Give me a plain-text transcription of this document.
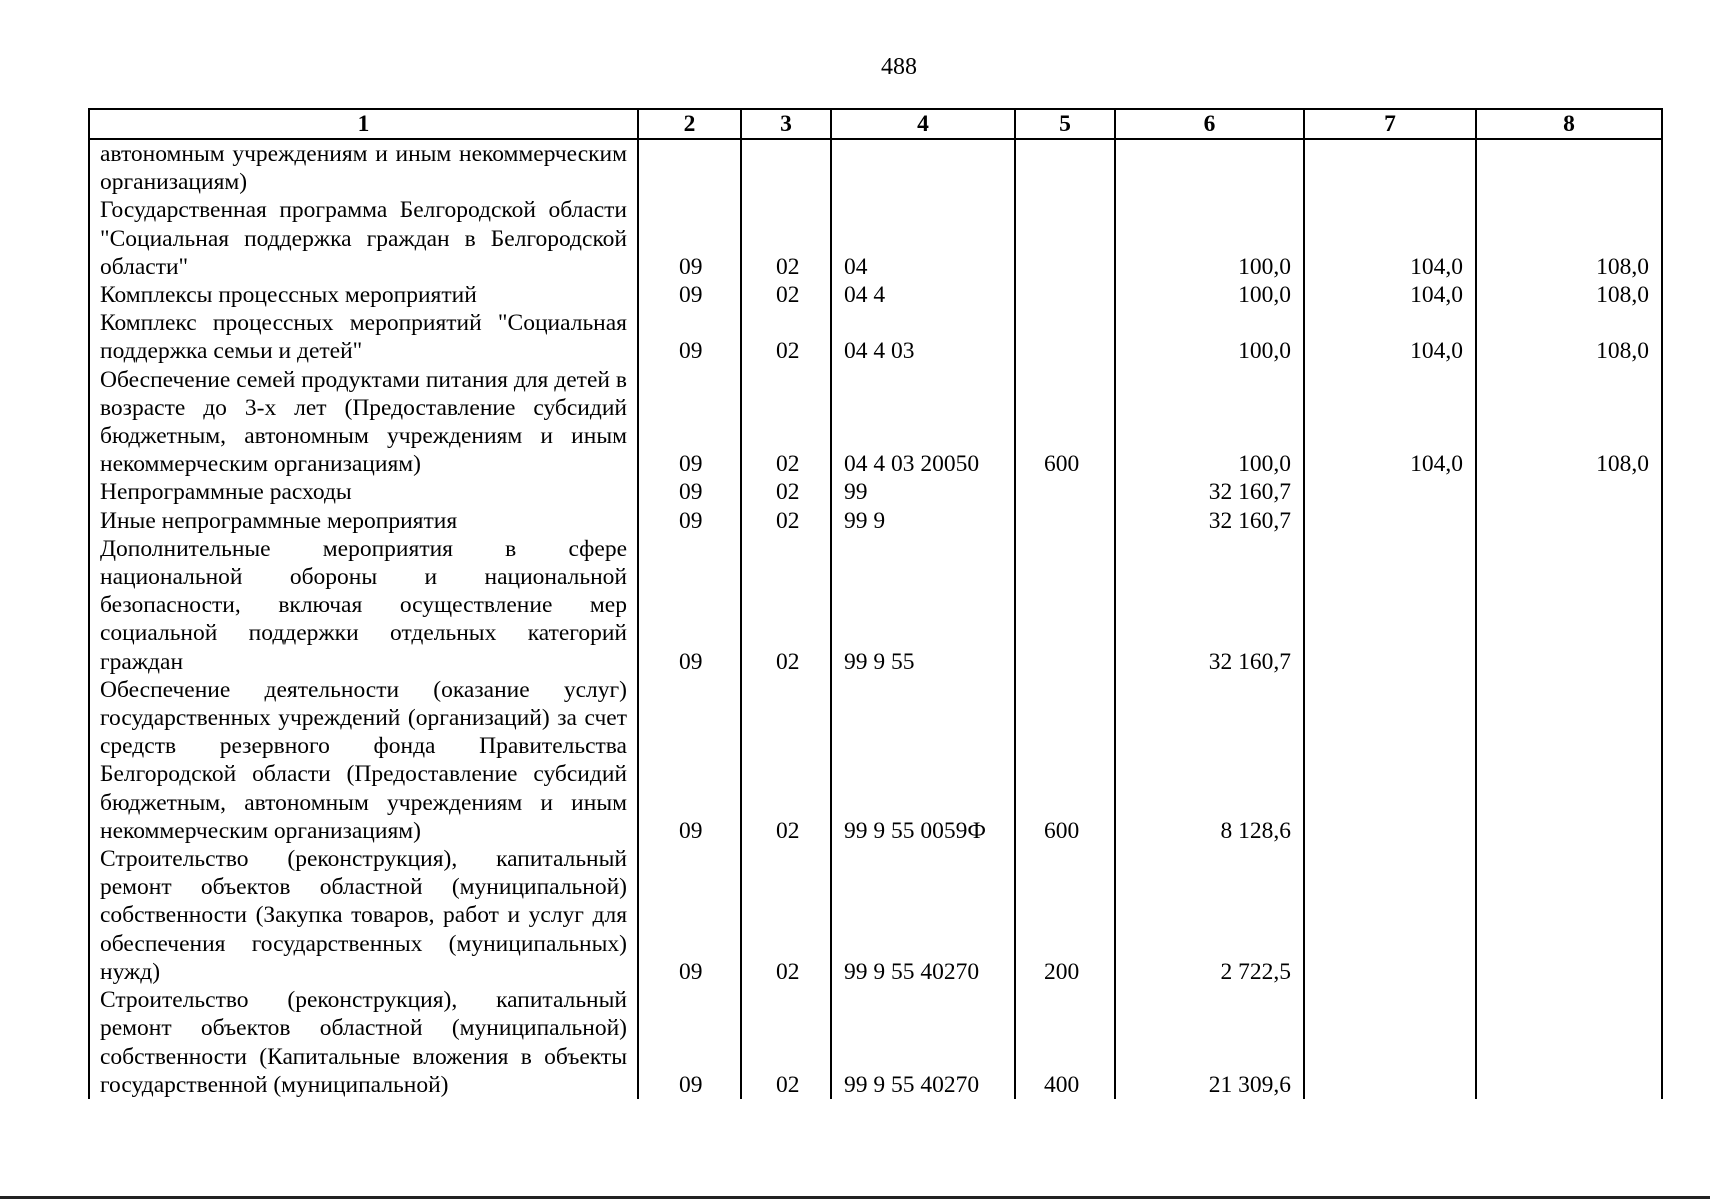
488
1	2	3	4	5	6	7	8
автономным учреждениям и иным некоммерческим организациям)							
Государственная программа Белгородской области "Социальная поддержка граждан в Белгородской области"	09	02	04		100,0	104,0	108,0
Комплексы процессных мероприятий	09	02	04 4		100,0	104,0	108,0
Комплекс процессных мероприятий "Социальная поддержка семьи и детей"	09	02	04 4 03		100,0	104,0	108,0
Обеспечение семей продуктами питания для детей в возрасте до 3-х лет (Предоставление субсидий бюджетным, автономным учреждениям и иным некоммерческим организациям)	09	02	04 4 03 20050	600	100,0	104,0	108,0
Непрограммные расходы	09	02	99		32 160,7		
Иные непрограммные мероприятия	09	02	99 9		32 160,7		
Дополнительные мероприятия в сфере национальной обороны и национальной безопасности, включая осуществление мер социальной поддержки отдельных категорий граждан	09	02	99 9 55		32 160,7		
Обеспечение деятельности (оказание услуг) государственных учреждений (организаций) за счет средств резервного фонда Правительства Белгородской области (Предоставление субсидий бюджетным, автономным учреждениям и иным некоммерческим организациям)	09	02	99 9 55 0059Ф	600	8 128,6		
Строительство (реконструкция), капитальный ремонт объектов областной (муниципальной) собственности (Закупка товаров, работ и услуг для обеспечения государственных (муниципальных) нужд)	09	02	99 9 55 40270	200	2 722,5		
Строительство (реконструкция), капитальный ремонт объектов областной (муниципальной) собственности (Капитальные вложения в объекты государственной (муниципальной)	09	02	99 9 55 40270	400	21 309,6		
